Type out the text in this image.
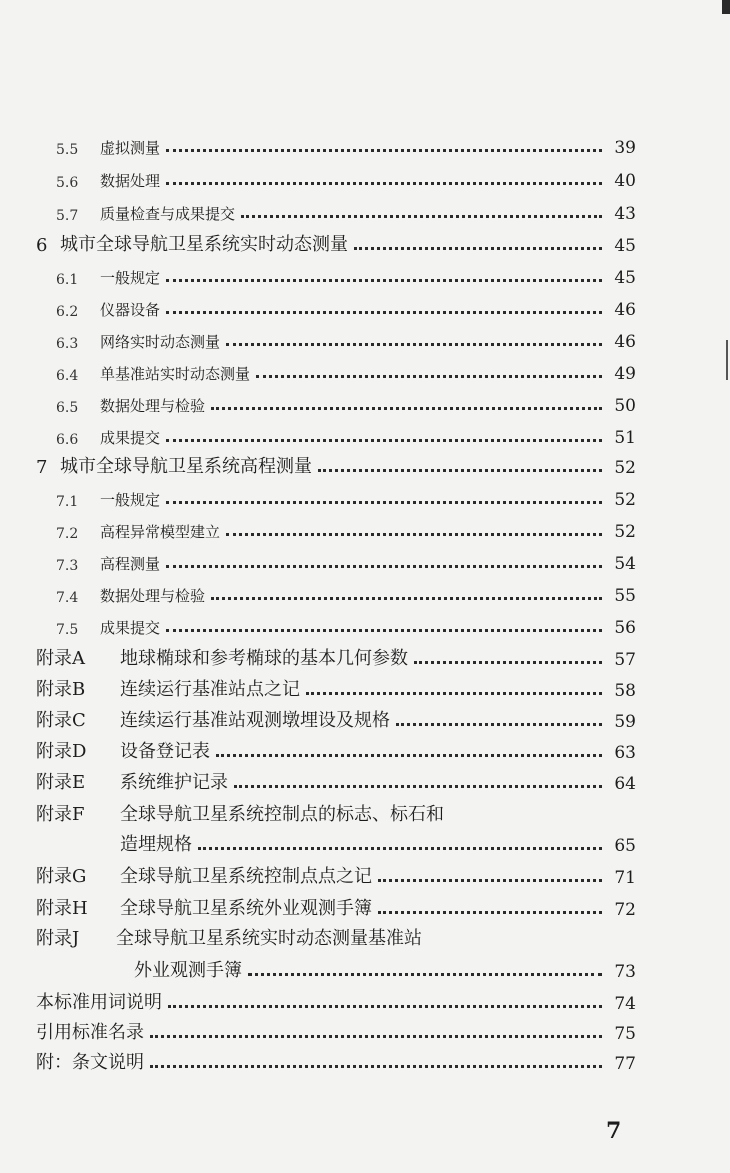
5.5	虚拟测量	39
5.6	数据处理	40
5.7	质量检查与成果提交	43
6 城市全球导航卫星系统实时动态测量	45
6.1	一般规定	45
6.2	仪器设备	46
6.3	网络实时动态测量	46
6.4	单基准站实时动态测量	49
6.5	数据处理与检验	50
6.6	成果提交	51
7 城市全球导航卫星系统高程测量	52
7.1	一般规定	52
7.2	高程异常模型建立	52
7.3	高程测量	54
7.4	数据处理与检验	55
7.5	成果提交	56
附录A	地球椭球和参考椭球的基本几何参数	57
附录B	连续运行基准站点之记	58
附录C	连续运行基准站观测墩埋设及规格	59
附录D	设备登记表	63
附录E	系统维护记录	64
附录F 全球导航卫星系统控制点的标志、标石和
造埋规格	65
附录G	全球导航卫星系统控制点点之记	71
附录H	全球导航卫星系统外业观测手簿	72
附录J 全球导航卫星系统实时动态测量基准站
外业观测手簿	73
本标准用词说明	74
引用标准名录	75
附：条文说明	77
7
